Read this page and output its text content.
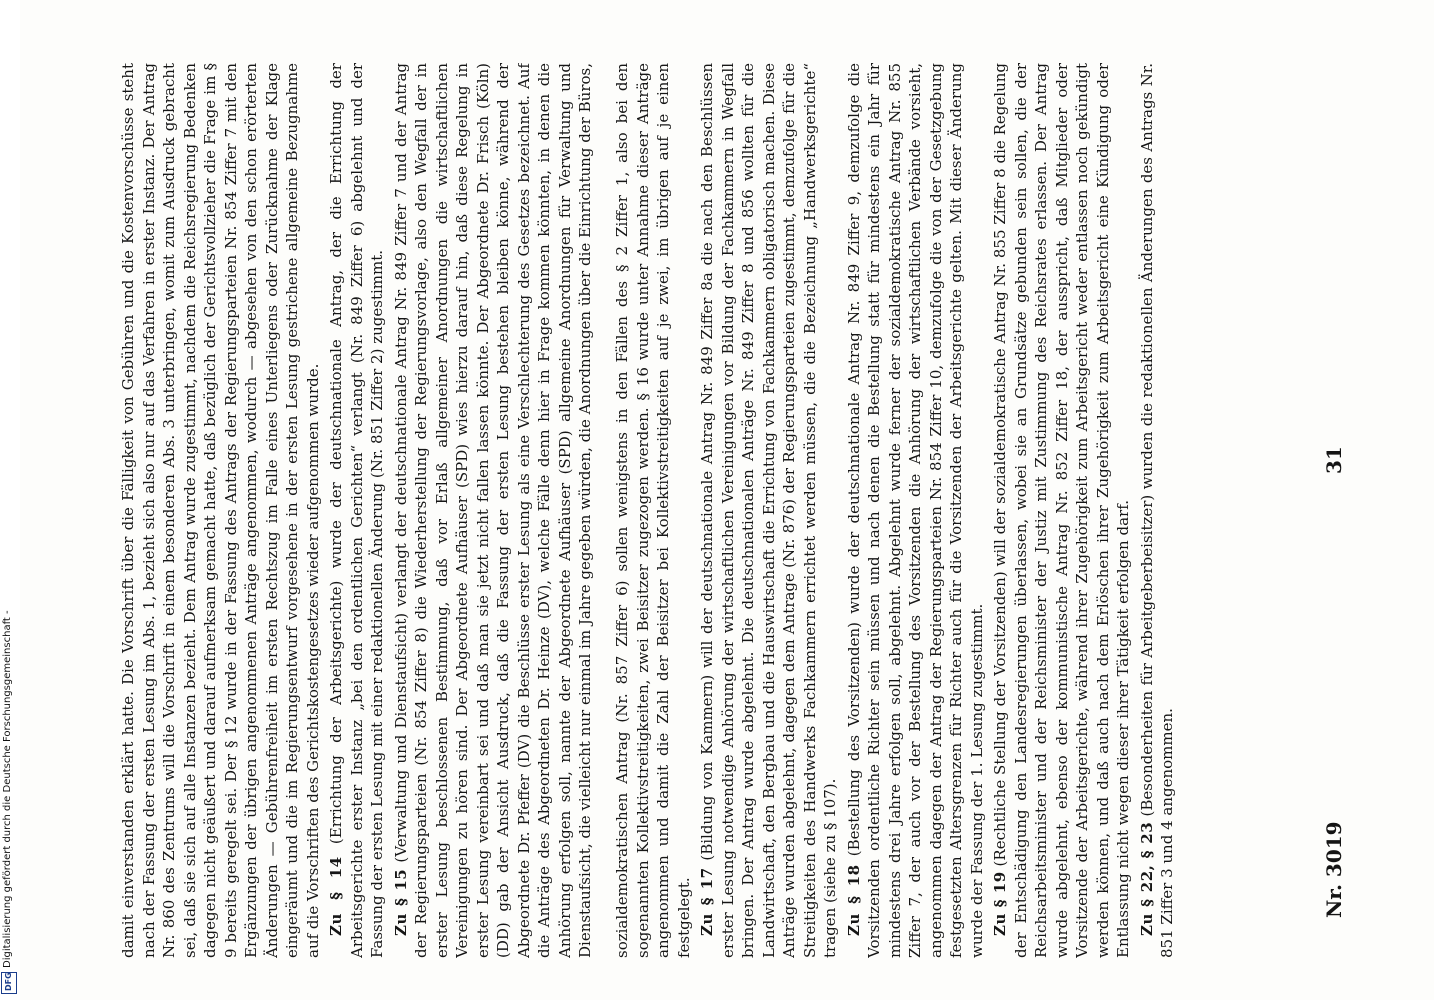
Digitalisierung gefördert durch die Deutsche Forschungsgemeinschaft -
DFG
31
Nr. 3019

damit einverstanden erklärt hatte. Die Vorschrift über die Fälligkeit von Gebühren und die Kostenvorschüsse steht nach der Fassung der ersten Lesung im Abs. 1, bezieht sich also nur auf das Verfahren in erster Instanz. Der Antrag Nr. 860 des Zentrums will die Vorschrift in einem besonderen Abs. 3 unterbringen, womit zum Ausdruck gebracht sei, daß sie sich auf alle Instanzen bezieht. Dem Antrag wurde zugestimmt, nachdem die Reichsregierung Bedenken dagegen nicht geäußert und darauf aufmerksam gemacht hatte, daß bezüglich der Gerichtsvollzieher die Frage im § 9 bereits geregelt sei. Der § 12 wurde in der Fassung des Antrags der Regierungsparteien Nr. 854 Ziffer 7 mit den Ergänzungen der übrigen angenommenen Anträge angenommen, wodurch — abgesehen von den schon erörterten Änderungen — Gebührenfreiheit im ersten Rechtszug im Falle eines Unterliegens oder Zurücknahme der Klage eingeräumt und die im Regierungsentwurf vorgesehene in der ersten Lesung gestrichene allgemeine Bezugnahme auf die Vorschriften des Gerichtskostengesetzes wieder aufgenommen wurde. Zu § 14 (Errichtung der Arbeitsgerichte) wurde der deutschnationale Antrag, der die Errichtung der Arbeitsgerichte erster Instanz „bei den ordentlichen Gerichten“ verlangt (Nr. 849 Ziffer 6) abgelehnt und der Fassung der ersten Lesung mit einer redaktionellen Änderung (Nr. 851 Ziffer 2) zugestimmt. Zu § 15 (Verwaltung und Dienstaufsicht) verlangt der deutschnationale Antrag Nr. 849 Ziffer 7 und der Antrag der Regierungsparteien (Nr. 854 Ziffer 8) die Wiederherstellung der Regierungsvorlage, also den Wegfall der in erster Lesung beschlossenen Bestimmung, daß vor Erlaß allgemeiner Anordnungen die wirtschaftlichen Vereinigungen zu hören sind. Der Abgeordnete Aufhäuser (SPD) wies hierzu darauf hin, daß diese Regelung in erster Lesung vereinbart sei und daß man sie jetzt nicht fallen lassen könnte. Der Abgeordnete Dr. Frisch (Köln) (DD) gab der Ansicht Ausdruck, daß die Fassung der ersten Lesung bestehen bleiben könne, während der Abgeordnete Dr. Pfeffer (DV) die Beschlüsse erster Lesung als eine Verschlechterung des Gesetzes bezeichnet. Auf die Anträge des Abgeordneten Dr. Heinze (DV), welche Fälle denn hier in Frage kommen könnten, in denen die Anhörung erfolgen soll, nannte der Abgeordnete Aufhäuser (SPD) allgemeine Anordnungen für Verwaltung und Dienstaufsicht, die vielleicht nur einmal im Jahre gegeben würden, die Anordnungen über die Einrichtung der Büros,	sozialdemokratischen Antrag (Nr. 857 Ziffer 6) sollen wenigstens in den Fällen des § 2 Ziffer 1, also bei den sogenannten Kollektivstreitigkeiten, zwei Beisitzer zugezogen werden. § 16 wurde unter Annahme dieser Anträge angenommen und damit die Zahl der Beisitzer bei Kollektivstreitigkeiten auf je zwei, im übrigen auf je einen festgelegt. Zu § 17 (Bildung von Kammern) will der deutschnationale Antrag Nr. 849 Ziffer 8a die nach den Beschlüssen erster Lesung notwendige Anhörung der wirtschaftlichen Vereinigungen vor Bildung der Fachkammern in Wegfall bringen. Der Antrag wurde abgelehnt. Die deutschnationalen Anträge Nr. 849 Ziffer 8 und 856 wollten für die Landwirtschaft, den Bergbau und die Hauswirtschaft die Errichtung von Fachkammern obligatorisch machen. Diese Anträge wurden abgelehnt, dagegen dem Antrage (Nr. 876) der Regierungsparteien zugestimmt, demzufolge für die Streitigkeiten des Handwerks Fachkammern errichtet werden müssen, die die Bezeichnung „Handwerksgerichte“ tragen (siehe zu § 107). Zu § 18 (Bestellung des Vorsitzenden) wurde der deutschnationale Antrag Nr. 849 Ziffer 9, demzufolge die Vorsitzenden ordentliche Richter sein müssen und nach denen die Bestellung statt für mindestens ein Jahr für mindestens drei Jahre erfolgen soll, abgelehnt. Abgelehnt wurde ferner der sozialdemokratische Antrag Nr. 855 Ziffer 7, der auch vor der Bestellung des Vorsitzenden die Anhörung der wirtschaftlichen Verbände vorsieht, angenommen dagegen der Antrag der Regierungsparteien Nr. 854 Ziffer 10, demzufolge die von der Gesetzgebung festgesetzten Altersgrenzen für Richter auch für die Vorsitzenden der Arbeitsgerichte gelten. Mit dieser Änderung wurde der Fassung der 1. Lesung zugestimmt. Zu § 19 (Rechtliche Stellung der Vorsitzenden) will der sozialdemokratische Antrag Nr. 855 Ziffer 8 die Regelung der Entschädigung den Landesregierungen überlassen, wobei sie an Grundsätze gebunden sein sollen, die der Reichsarbeitsminister und der Reichsminister der Justiz mit Zustimmung des Reichsrates erlassen. Der Antrag wurde abgelehnt, ebenso der kommunistische Antrag Nr. 852 Ziffer 18, der ausspricht, daß Mitglieder oder Vorsitzende der Arbeitsgerichte, während ihrer Zugehörigkeit zum Arbeitsgericht weder entlassen noch gekündigt werden können, und daß auch nach dem Erlöschen ihrer Zugehörigkeit zum Arbeitsgericht eine Kündigung oder Entlassung nicht wegen dieser ihrer Tätigkeit erfolgen darf. Zu § 22, § 23 (Besonderheiten für Arbeitgeberbeisitzer) wurden die redaktionellen Änderungen des Antrags Nr. 851 Ziffer 3 und 4 angenommen.
